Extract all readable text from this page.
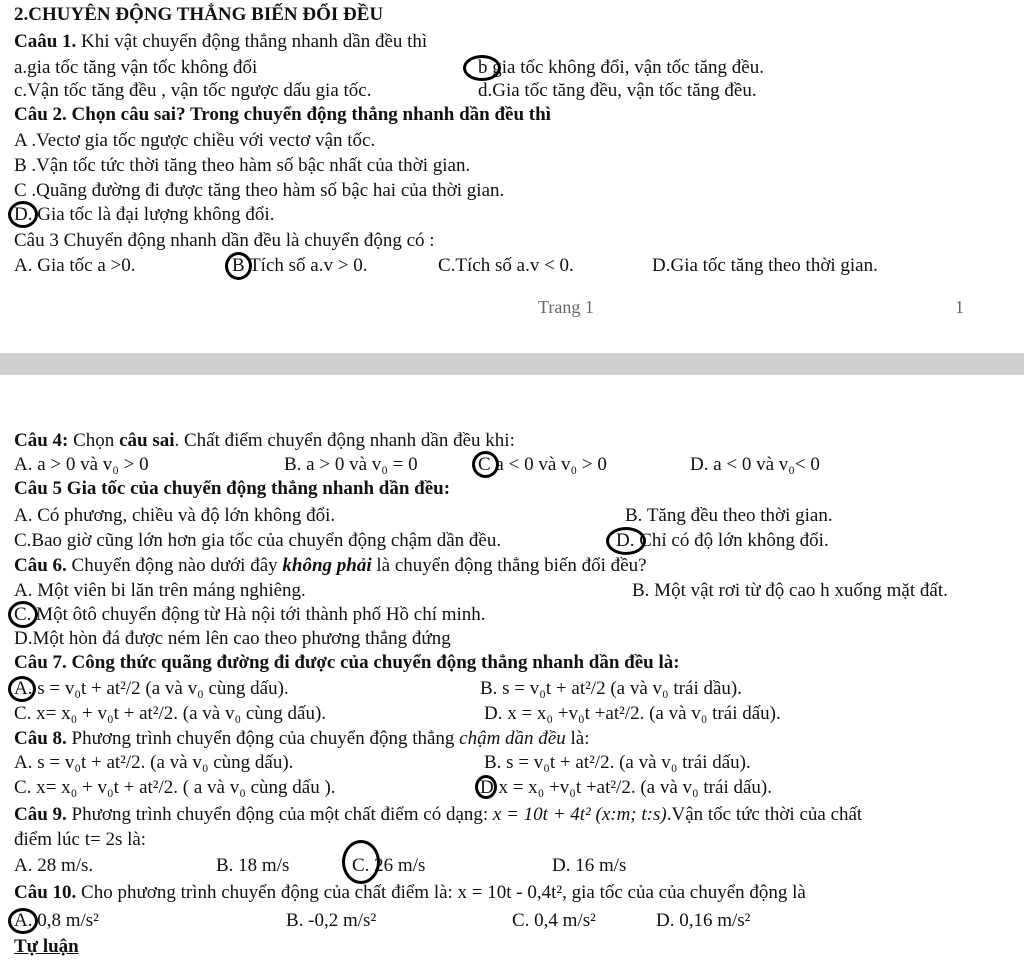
2.CHUYÊN ĐỘNG THẲNG BIẾN ĐỔI ĐỀU
Caâu 1. Khi vật chuyển động thẳng nhanh dần đều thì
a.gia tốc tăng vận tốc không đổi	b gia tốc không đổi, vận tốc tăng đều.
c.Vận tốc tăng đều , vận tốc ngược dấu gia tốc.	d.Gia tốc tăng đều, vận tốc tăng đều.
Câu 2. Chọn câu sai? Trong chuyển động thẳng nhanh dần đều thì
A .Vectơ gia tốc ngược chiều với vectơ vận tốc.
B .Vận tốc tức thời tăng theo hàm số bậc nhất của thời gian.
C .Quãng đường đi được tăng theo hàm số bậc hai của thời gian.
D. Gia tốc là đại lượng không đổi.
Câu 3 Chuyển động nhanh dần đều là chuyển động có :
A. Gia tốc a >0.	B Tích số a.v > 0.	C.Tích số a.v < 0.	D.Gia tốc tăng theo thời gian.
Trang 1	1
Câu 4: Chọn câu sai. Chất điểm chuyển động nhanh dần đều khi:
A. a > 0 và v₀ > 0	B. a > 0 và v₀ = 0	C a < 0 và v₀ > 0	D. a < 0 và v₀< 0
Câu 5 Gia tốc của chuyển động thẳng nhanh dần đều:
A. Có phương, chiều và độ lớn không đổi.	B. Tăng đều theo thời gian.
C.Bao giờ cũng lớn hơn gia tốc của chuyển động chậm dần đều.	D. Chỉ có độ lớn không đổi.
Câu 6. Chuyển động nào dưới đây không phải là chuyển động thẳng biến đổi đều?
A. Một viên bi lăn trên máng nghiêng.	B. Một vật rơi từ độ cao h xuống mặt đất.
C. Một ôtô chuyển động từ Hà nội tới thành phố Hồ chí minh.
D.Một hòn đá được ném lên cao theo phương thẳng đứng
Câu 7. Công thức quãng đường đi được của chuyển động thẳng nhanh dần đều là:
A. s = v₀t + at²/2 (a và v₀ cùng dấu).	B. s = v₀t + at²/2 (a và v₀ trái dầu).
C. x= x₀ + v₀t + at²/2. (a và v₀ cùng dấu).	D. x = x₀ +v₀t +at²/2. (a và v₀ trái dấu).
Câu 8. Phương trình chuyển động của chuyển động thẳng chậm dần đều là:
A. s = v₀t + at²/2. (a và v₀ cùng dấu).	B. s = v₀t + at²/2. (a và v₀ trái dấu).
C. x= x₀ + v₀t + at²/2. ( a và v₀ cùng dấu ).	D x = x₀ +v₀t +at²/2. (a và v₀ trái dấu).
Câu 9. Phương trình chuyển động của một chất điểm có dạng: x = 10t + 4t² (x:m; t:s).Vận tốc tức thời của chất
điểm lúc t= 2s là:
A. 28 m/s.	B. 18 m/s	C. 26 m/s	D. 16 m/s
Câu 10. Cho phương trình chuyển động của chất điểm là: x = 10t - 0,4t², gia tốc của của chuyển động là
A. 0,8 m/s²	B. -0,2 m/s²	C. 0,4 m/s²	D. 0,16 m/s²
Tự luận
